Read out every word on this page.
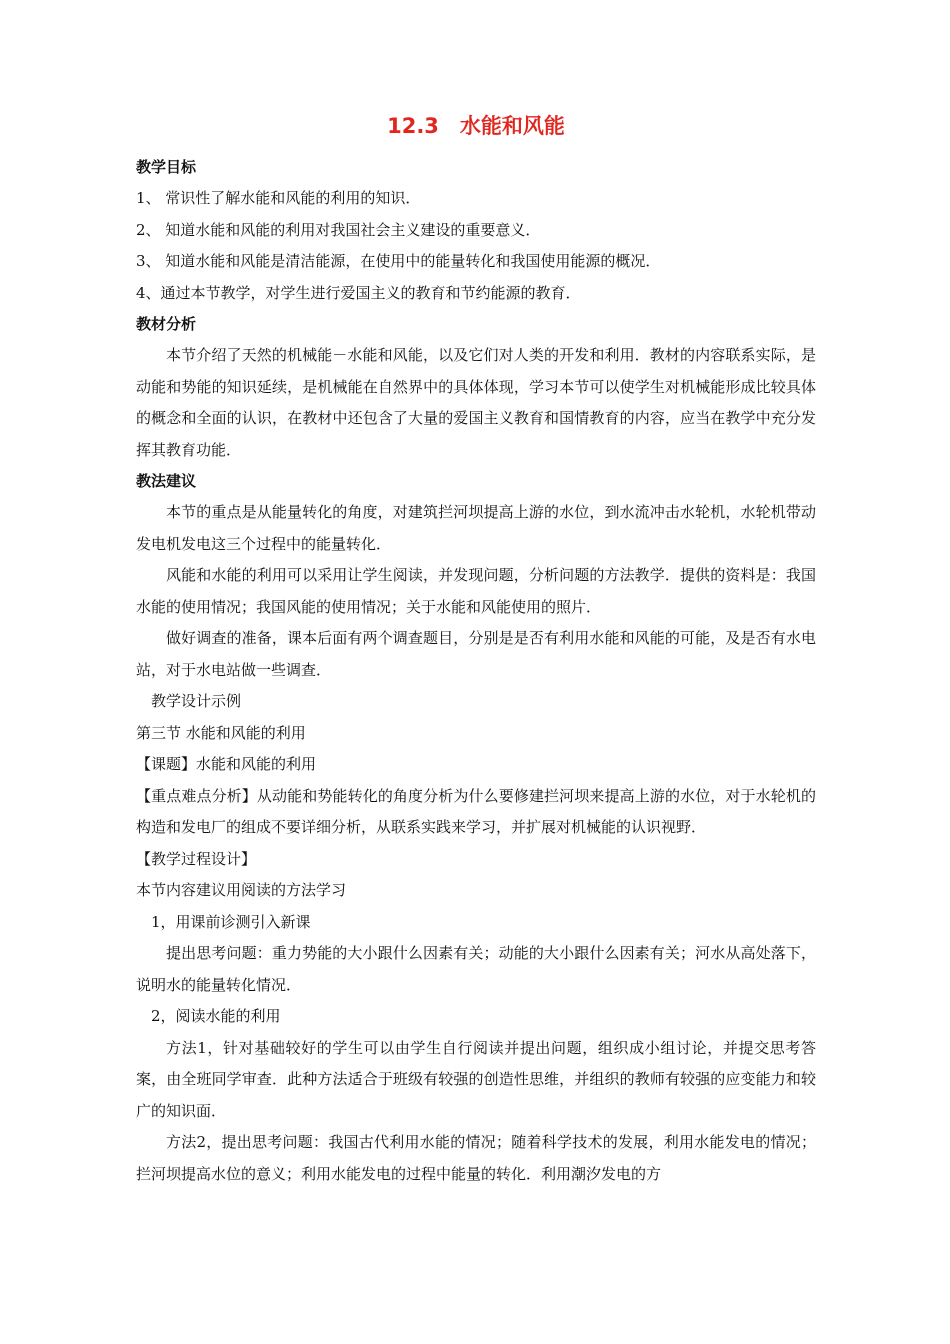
12.3　水能和风能
教学目标
1、 常识性了解水能和风能的利用的知识．
2、 知道水能和风能的利用对我国社会主义建设的重要意义．
3、 知道水能和风能是清洁能源，在使用中的能量转化和我国使用能源的概况．
4、通过本节教学，对学生进行爱国主义的教育和节约能源的教育．
教材分析
本节介绍了天然的机械能－水能和风能，以及它们对人类的开发和利用．教材的内容联系实际，是动能和势能的知识延续，是机械能在自然界中的具体体现，学习本节可以使学生对机械能形成比较具体的概念和全面的认识，在教材中还包含了大量的爱国主义教育和国情教育的内容，应当在教学中充分发挥其教育功能．
教法建议
本节的重点是从能量转化的角度，对建筑拦河坝提高上游的水位，到水流冲击水轮机，水轮机带动发电机发电这三个过程中的能量转化．
风能和水能的利用可以采用让学生阅读，并发现问题，分析问题的方法教学．提供的资料是：我国水能的使用情况；我国风能的使用情况；关于水能和风能使用的照片．
做好调查的准备，课本后面有两个调查题目，分别是是否有利用水能和风能的可能，及是否有水电站，对于水电站做一些调查．
教学设计示例
第三节 水能和风能的利用
【课题】水能和风能的利用
【重点难点分析】从动能和势能转化的角度分析为什么要修建拦河坝来提高上游的水位，对于水轮机的构造和发电厂的组成不要详细分析，从联系实践来学习，并扩展对机械能的认识视野．
【教学过程设计】
本节内容建议用阅读的方法学习
1，用课前诊测引入新课
提出思考问题：重力势能的大小跟什么因素有关；动能的大小跟什么因素有关；河水从高处落下，说明水的能量转化情况．
2，阅读水能的利用
方法1，针对基础较好的学生可以由学生自行阅读并提出问题，组织成小组讨论，并提交思考答案，由全班同学审查．此种方法适合于班级有较强的创造性思维，并组织的教师有较强的应变能力和较广的知识面．
方法2，提出思考问题：我国古代利用水能的情况；随着科学技术的发展，利用水能发电的情况；拦河坝提高水位的意义；利用水能发电的过程中能量的转化．利用潮汐发电的方
